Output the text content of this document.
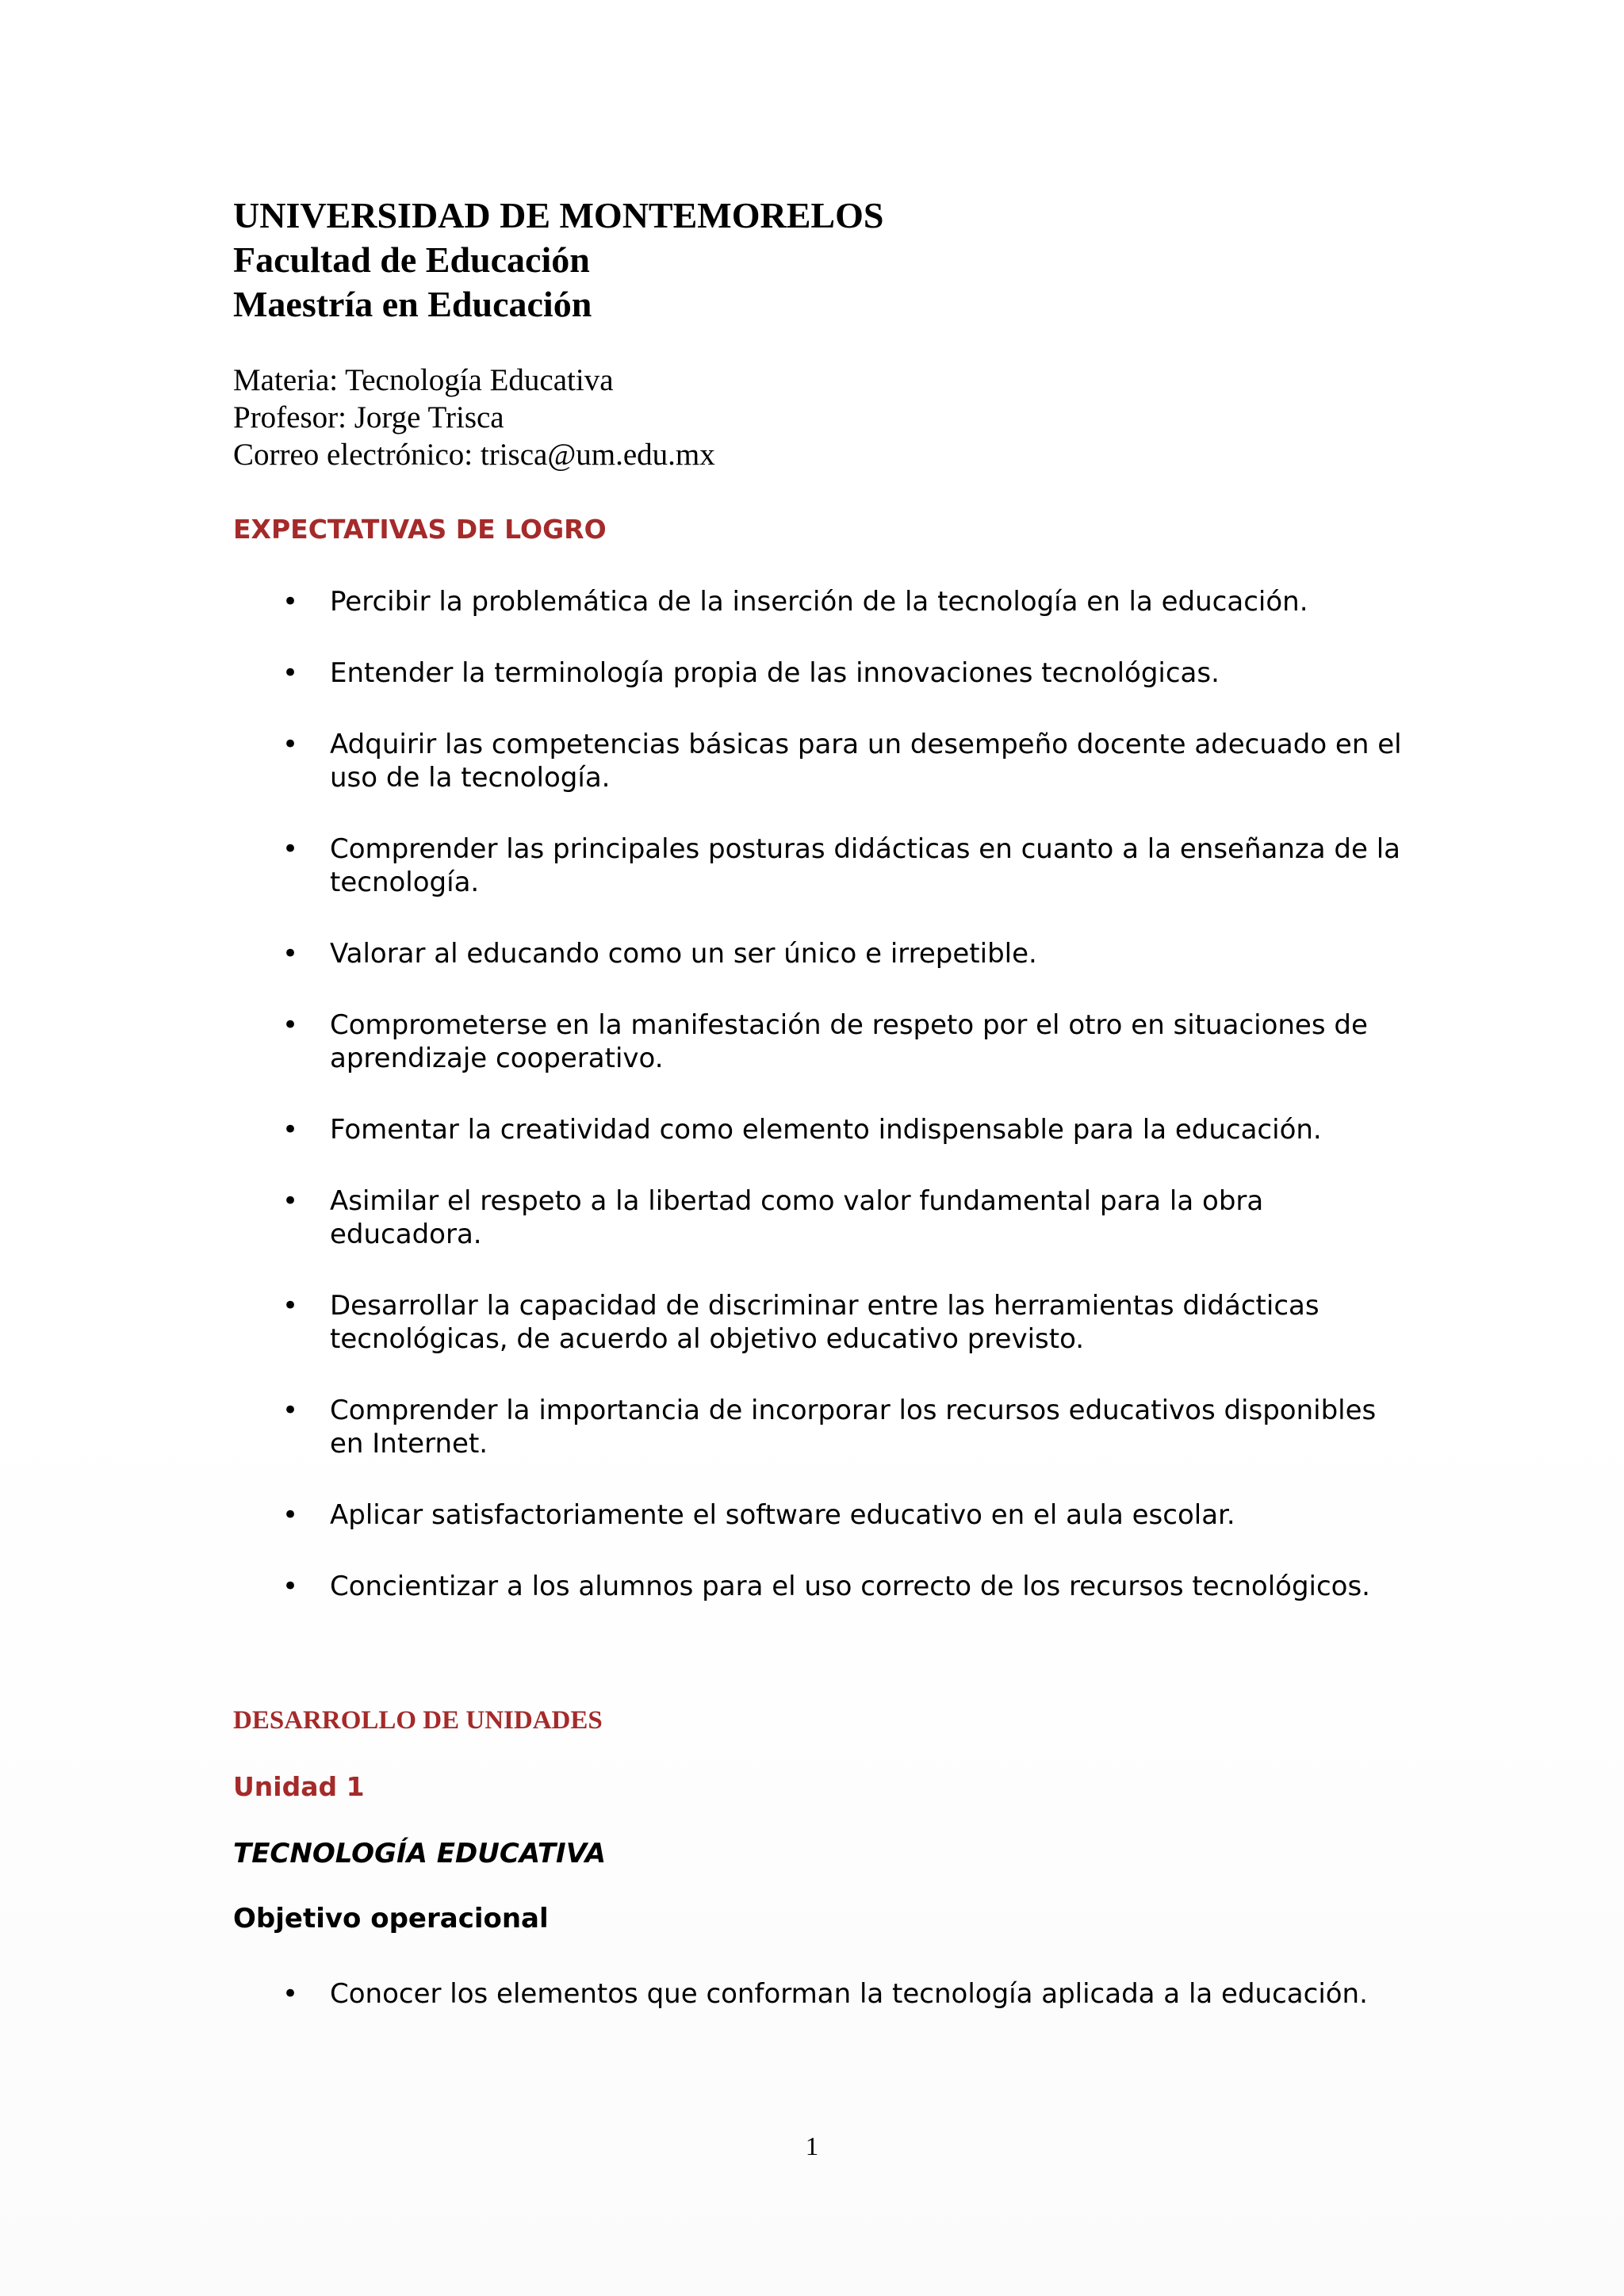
UNIVERSIDAD DE MONTEMORELOS
Facultad de Educación
Maestría en Educación
Materia: Tecnología Educativa
Profesor: Jorge Trisca
Correo electrónico: trisca@um.edu.mx
EXPECTATIVAS DE LOGRO
• Percibir la problemática de la inserción de la tecnología en la educación.
• Entender la terminología propia de las innovaciones tecnológicas.
• Adquirir las competencias básicas para un desempeño docente adecuado en el uso de la tecnología.
• Comprender las principales posturas didácticas en cuanto a la enseñanza de la tecnología.
• Valorar al educando como un ser único e irrepetible.
• Comprometerse en la manifestación de respeto por el otro en situaciones de aprendizaje cooperativo.
• Fomentar la creatividad como elemento indispensable para la educación.
• Asimilar el respeto a la libertad como valor fundamental para la obra educadora.
• Desarrollar la capacidad de discriminar entre las herramientas didácticas tecnológicas, de acuerdo al objetivo educativo previsto.
• Comprender la importancia de incorporar los recursos educativos disponibles en Internet.
• Aplicar satisfactoriamente el software educativo en el aula escolar.
• Concientizar a los alumnos para el uso correcto de los recursos tecnológicos.
DESARROLLO DE UNIDADES
Unidad 1
TECNOLOGÍA EDUCATIVA
Objetivo operacional
• Conocer los elementos que conforman la tecnología aplicada a la educación.
1
